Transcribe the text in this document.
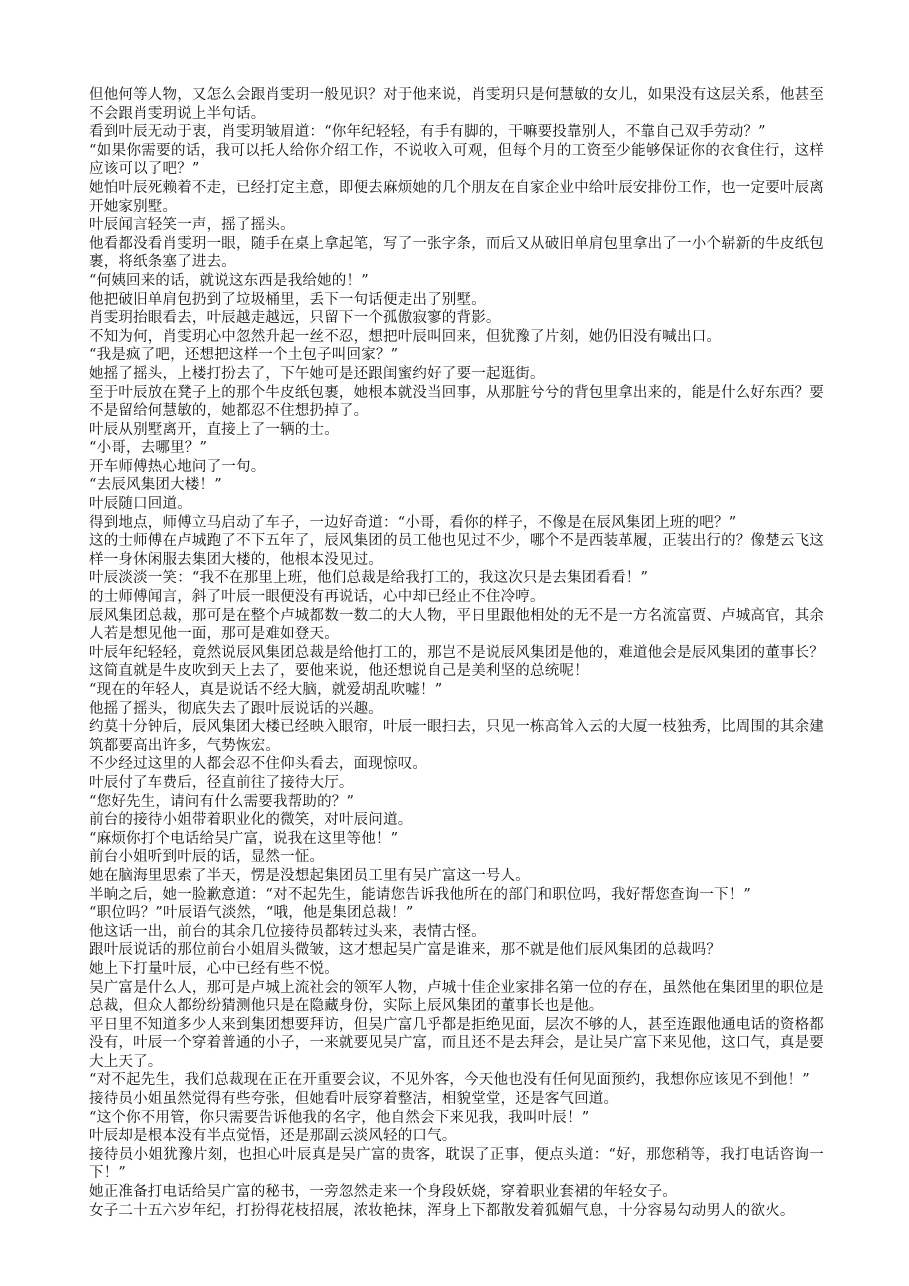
但他何等人物，又怎么会跟肖雯玥一般见识？对于他来说，肖雯玥只是何慧敏的女儿，如果没有这层关系，他甚至不会跟肖雯玥说上半句话。

看到叶辰无动于衷，肖雯玥皱眉道：“你年纪轻轻，有手有脚的，干嘛要投靠别人，不靠自己双手劳动？”

“如果你需要的话，我可以托人给你介绍工作，不说收入可观，但每个月的工资至少能够保证你的衣食住行，这样应该可以了吧？”

她怕叶辰死赖着不走，已经打定主意，即便去麻烦她的几个朋友在自家企业中给叶辰安排份工作，也一定要叶辰离开她家别墅。

叶辰闻言轻笑一声，摇了摇头。

他看都没看肖雯玥一眼，随手在桌上拿起笔，写了一张字条，而后又从破旧单肩包里拿出了一小个崭新的牛皮纸包裹，将纸条塞了进去。

“何姨回来的话，就说这东西是我给她的！”

他把破旧单肩包扔到了垃圾桶里，丢下一句话便走出了别墅。

肖雯玥抬眼看去，叶辰越走越远，只留下一个孤傲寂寥的背影。

不知为何，肖雯玥心中忽然升起一丝不忍，想把叶辰叫回来，但犹豫了片刻，她仍旧没有喊出口。

“我是疯了吧，还想把这样一个土包子叫回家？”

她摇了摇头，上楼打扮去了，下午她可是还跟闺蜜约好了要一起逛街。

至于叶辰放在凳子上的那个牛皮纸包裹，她根本就没当回事，从那脏兮兮的背包里拿出来的，能是什么好东西？要不是留给何慧敏的，她都忍不住想扔掉了。

叶辰从别墅离开，直接上了一辆的士。

“小哥，去哪里？”

开车师傅热心地问了一句。

“去辰风集团大楼！”

叶辰随口回道。

得到地点，师傅立马启动了车子，一边好奇道：“小哥，看你的样子，不像是在辰风集团上班的吧？”

这的士师傅在卢城跑了不下五年了，辰风集团的员工他也见过不少，哪个不是西装革履，正装出行的？像楚云飞这样一身休闲服去集团大楼的，他根本没见过。

叶辰淡淡一笑：“我不在那里上班，他们总裁是给我打工的，我这次只是去集团看看！”

的士师傅闻言，斜了叶辰一眼便没有再说话，心中却已经止不住冷哼。

辰风集团总裁，那可是在整个卢城都数一数二的大人物，平日里跟他相处的无不是一方名流富贾、卢城高官，其余人若是想见他一面，那可是难如登天。

叶辰年纪轻轻，竟然说辰风集团总裁是给他打工的，那岂不是说辰风集团是他的，难道他会是辰风集团的董事长？

这简直就是牛皮吹到天上去了，要他来说，他还想说自己是美利坚的总统呢！

“现在的年轻人，真是说话不经大脑，就爱胡乱吹嘘！”

他摇了摇头，彻底失去了跟叶辰说话的兴趣。

约莫十分钟后，辰风集团大楼已经映入眼帘，叶辰一眼扫去，只见一栋高耸入云的大厦一枝独秀，比周围的其余建筑都要高出许多，气势恢宏。

不少经过这里的人都会忍不住仰头看去，面现惊叹。

叶辰付了车费后，径直前往了接待大厅。

“您好先生，请问有什么需要我帮助的？”

前台的接待小姐带着职业化的微笑，对叶辰问道。

“麻烦你打个电话给吴广富，说我在这里等他！”

前台小姐听到叶辰的话，显然一怔。

她在脑海里思索了半天，愣是没想起集团员工里有吴广富这一号人。

半晌之后，她一脸歉意道：“对不起先生，能请您告诉我他所在的部门和职位吗，我好帮您查询一下！”

“职位吗？”叶辰语气淡然，“哦，他是集团总裁！”

他这话一出，前台的其余几位接待员都转过头来，表情古怪。

跟叶辰说话的那位前台小姐眉头微皱，这才想起吴广富是谁来，那不就是他们辰风集团的总裁吗？

她上下打量叶辰，心中已经有些不悦。

吴广富是什么人，那可是卢城上流社会的领军人物，卢城十佳企业家排名第一位的存在，虽然他在集团里的职位是总裁，但众人都纷纷猜测他只是在隐藏身份，实际上辰风集团的董事长也是他。

平日里不知道多少人来到集团想要拜访，但吴广富几乎都是拒绝见面，层次不够的人，甚至连跟他通电话的资格都没有，叶辰一个穿着普通的小子，一来就要见吴广富，而且还不是去拜会，是让吴广富下来见他，这口气，真是要大上天了。

“对不起先生，我们总裁现在正在开重要会议，不见外客，今天他也没有任何见面预约，我想你应该见不到他！”

接待员小姐虽然觉得有些夸张，但她看叶辰穿着整洁，相貌堂堂，还是客气回道。

“这个你不用管，你只需要告诉他我的名字，他自然会下来见我，我叫叶辰！”

叶辰却是根本没有半点觉悟，还是那副云淡风轻的口气。

接待员小姐犹豫片刻，也担心叶辰真是吴广富的贵客，耽误了正事，便点头道：“好，那您稍等，我打电话咨询一下！”

她正准备打电话给吴广富的秘书，一旁忽然走来一个身段妖娆，穿着职业套裙的年轻女子。

女子二十五六岁年纪，打扮得花枝招展，浓妆艳抹，浑身上下都散发着狐媚气息，十分容易勾动男人的欲火。
